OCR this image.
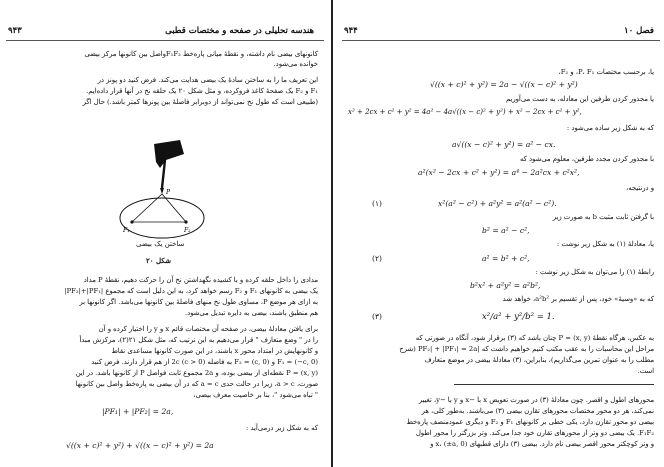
۹۴۳	هندسه تحلیلی در صفحه و مختصات قطبی
کانونهای بیضی نام داشته، و نقطهٔ میانی پاره‌خط F₁F₂واصل بین کانونها مرکز بیضی
خوانده می‌شود.
این تعریف ما را به ساختن سادهٔ یک بیضی هدایت می‌کند. فرض کنید دو پونز در
F₁ و F₂ یک صفحه‌ٔ کاغذ فروکرده، و مثل شکل ۲۰ یک حلقه نخ در آنها قرار داده‌ایم.
(طبیعی است که طول نخ نمی‌تواند از دوبرابر فاصلهٔ بین پونزها کمتر باشد.) حال اگر
F₁	F₂
P
ساختن یک بیضی
شکل ۲۰
مدادی را داخل حلقه کرده و با کشیده نگهداشتن نخ آن را حرکت دهیم، نقطهٔ P مداد
یک بیضی به کانونهای F₁ و F₂ رسم خواهد کرد، به این دلیل است که مجموع |PF₂|+|PF₁|
به ازای هر موضع P، مساوی طول نخ منهای فاصلهٔ بین کانونها می‌باشد. اگر کانونها بر
هم منطبق باشند، بیضی به دایره تبدیل می‌شود.
برای یافتن معادلهٔ بیضی، در صفحه آن مختصات قائم x و y را اختیار کرده و آن
را در " وضع متعارف " قرار می‌دهیم به این ترتیب که، مثل شکل ۲۱(۲)، مرکزش مبدأ
و کانونهایش در امتداد محور x باشند، در این صورت کانونها مساعدی نقاط
F₁ = (−c, 0) و F₂ = (c, 0) به فاصله 2c (c > 0) از هم قرار دارند. فرض کنید
P = (x, y) نقطه‌ای از بیضی بوده، و 2a مجموع ثابت فواصل P از کانونها باشد. در این
صورت، a > c، زیرا در حالت حدی a = c که در آن بیضی به پاره‌خط واصل بین کانونها
" تباه می‌شود "، بنا بر خاصیت معرف بیضی،
|PF₁| + |PF₂| = 2a,
که به شکل زیر درمی‌آید :
√((x + c)² + y²) + √((x − c)² + y²) = 2a
۹۴۴	فصل ۱۰
یا، برحسب مختصات P، F₁، و F₂،
√((x + c)² + y²) = 2a − √((x − c)² + y²)
یا مجذور کردن طرفین این معادله، به دست می‌آوریم
x² + 2cx + c² + y² = 4a² − 4a√((x − c)² + y²) + x² − 2cx + c² + y²,
که به شکل زیر ساده می‌شود :
a√((x − c)² + y²) = a² − cx.
با مجذور کردن مجدد طرفین، معلوم می‌شود که
a²(x² − 2cx + c² + y²) = a⁴ − 2a²cx + c²x²,
و درنتیجه،
x²(a² − c²) + a²y² = a²(a² − c²).
(۱)
با گرفتن ثابت مثبت b به صورت زیر
b² = a² − c²,
یا، معادلهٔ (۱) به شکل زیر نوشت :
a² = b² + c²,
(۲)
رابطهٔ (۱) را می‌توان به شکل زیر نوشت :
b²x² + a²y² = a²b²,
که به «وسیهٔ» خود، پس از تقسیم بر a²b²، خواهد شد
x²/a² + y²/b² = 1.
(۳)
به عکس، هرگاه نقطهٔ P = (x, y) چنان باشد که (۳) برقرار شود، آنگاه در صورتی که
مراحل این محاسبات را به عقب مکتب کنیم خواهیم داشت که |PF₂| + |PF₁| = 2a (شرح
مطلب را به عنوان تمرین می‌گذاریم)، بنابراین، (۳) معادلهٔ بیضی در موضع متعارف
است.
محورهای اطول و اقصر. چون معادلهٔ (۳) در صورت تعویض x با −x و y با −y، تغییر
نمی‌کند، هر دو محور مختصات محورهای تقارن بیضی (۳) می‌باشند. به‌طور کلی، هر
بیضی دو محور تقارن دارد، یکی خطی بر کانونهای F₁ و F₂ و دیگری عمودمنصف پاره‌خط
F₁F₂. یک بیضی دو وتر از محورهای تقارن خود جدا می‌کند. وتر بزرگتر را محور اطول
و وتر کوچکتر محور اقصر بیضی نام دارد. بیضی (۳) دارای قطبهای x، (±a, 0) و
